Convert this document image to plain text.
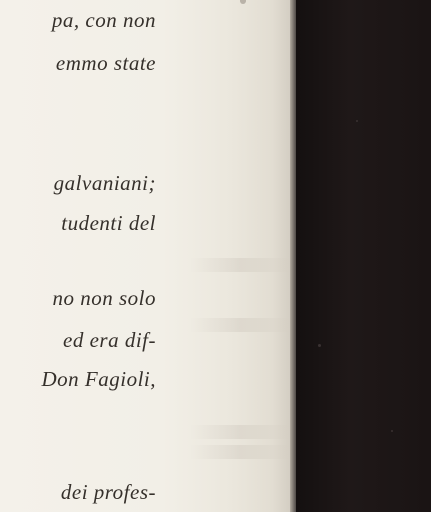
pa, con non

emmo state

galvaniani;

tudenti del

no non solo

ed era dif-

Don Fagioli,

dei profes-
